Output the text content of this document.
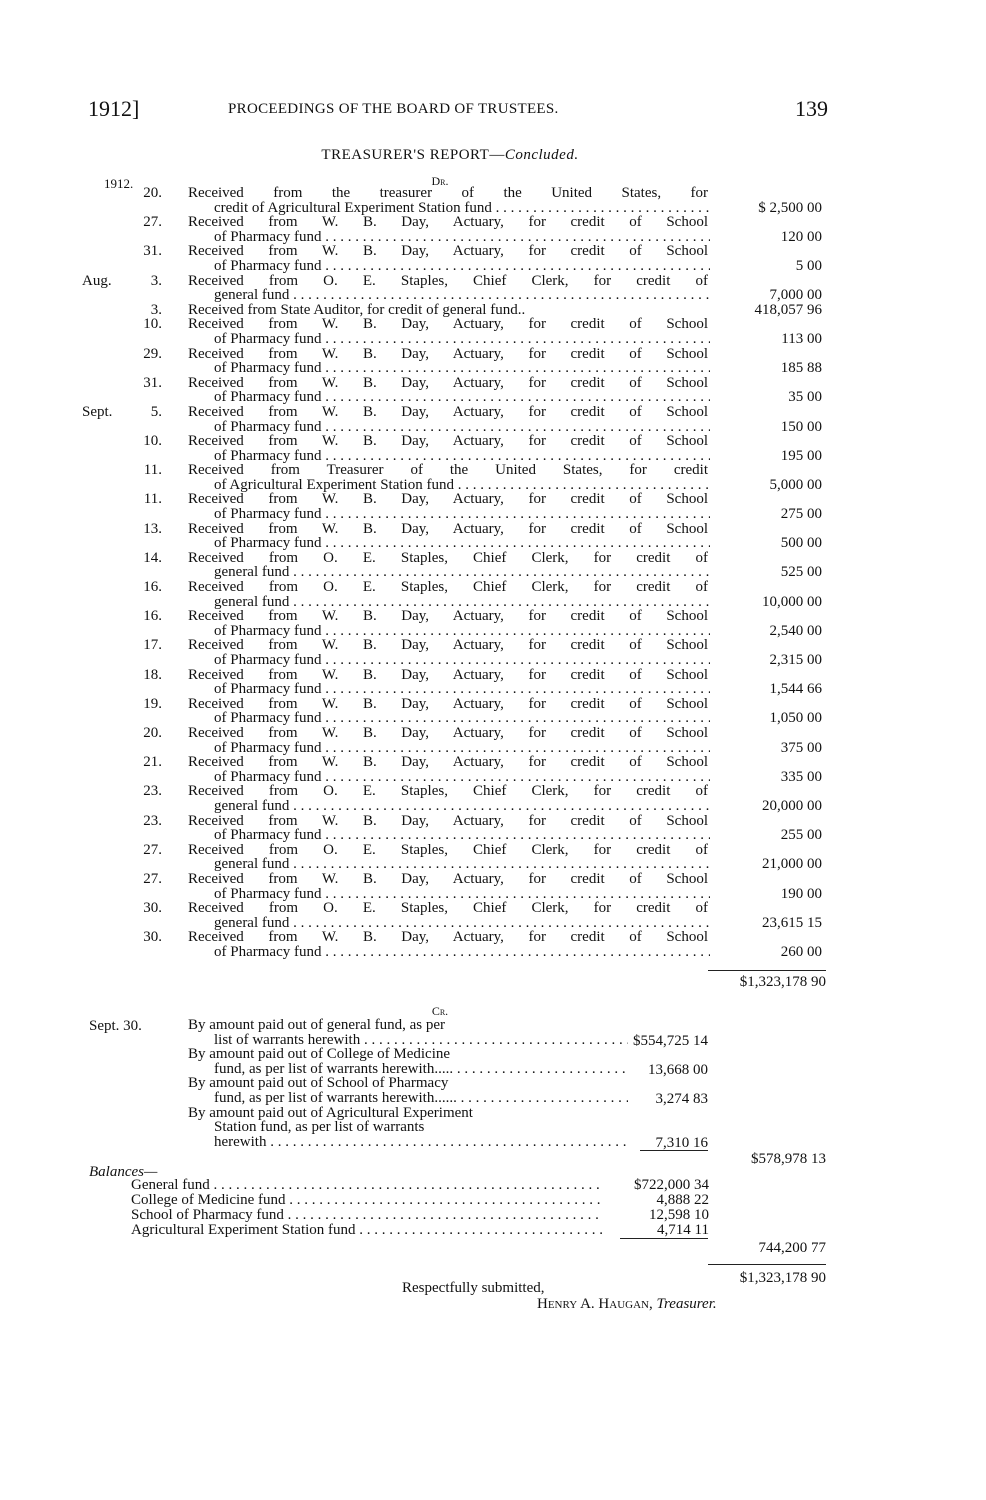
1912]	PROCEEDINGS OF THE BOARD OF TRUSTEES.	139
TREASURER'S REPORT—Concluded.
Dr.
1912.
20. Received from the treasurer of the United States, for
credit of Agricultural Experiment Station fund . . .	$ 2,500 00
27. Received from W. B. Day, Actuary, for credit of School
of Pharmacy fund . . .	120 00
31. Received from W. B. Day, Actuary, for credit of School
of Pharmacy fund . . .	5 00
Aug.	3. Received from O. E. Staples, Chief Clerk, for credit of
general fund . . .	7,000 00
3. Received from State Auditor, for credit of general fund..	418,057 96
10. Received from W. B. Day, Actuary, for credit of School
of Pharmacy fund . . .	113 00
29. Received from W. B. Day, Actuary, for credit of School
of Pharmacy fund . . .	185 88
31. Received from W. B. Day, Actuary, for credit of School
of Pharmacy fund . . .	35 00
Sept.	5. Received from W. B. Day, Actuary, for credit of School
of Pharmacy fund . . .	150 00
10. Received from W. B. Day, Actuary, for credit of School
of Pharmacy fund . . .	195 00
11. Received from Treasurer of the United States, for credit
of Agricultural Experiment Station fund . . .	5,000 00
11. Received from W. B. Day, Actuary, for credit of School
of Pharmacy fund . . .	275 00
13. Received from W. B. Day, Actuary, for credit of School
of Pharmacy fund . . .	500 00
14. Received from O. E. Staples, Chief Clerk, for credit of
general fund . . .	525 00
16. Received from O. E. Staples, Chief Clerk, for credit of
general fund . . .	10,000 00
16. Received from W. B. Day, Actuary, for credit of School
of Pharmacy fund . . .	2,540 00
17. Received from W. B. Day, Actuary, for credit of School
of Pharmacy fund . . .	2,315 00
18. Received from W. B. Day, Actuary, for credit of School
of Pharmacy fund . . .	1,544 66
19. Received from W. B. Day, Actuary, for credit of School
of Pharmacy fund . . .	1,050 00
20. Received from W. B. Day, Actuary, for credit of School
of Pharmacy fund . . .	375 00
21. Received from W. B. Day, Actuary, for credit of School
of Pharmacy fund . . .	335 00
23. Received from O. E. Staples, Chief Clerk, for credit of
general fund . . .	20,000 00
23. Received from W. B. Day, Actuary, for credit of School
of Pharmacy fund . . .	255 00
27. Received from O. E. Staples, Chief Clerk, for credit of
general fund . . .	21,000 00
27. Received from W. B. Day, Actuary, for credit of School
of Pharmacy fund . . .	190 00
30. Received from O. E. Staples, Chief Clerk, for credit of
general fund . . .	23,615 15
30. Received from W. B. Day, Actuary, for credit of School
of Pharmacy fund . . .	260 00
$1,323,178 90
Cr.
Sept. 30.	By amount paid out of general fund, as per
list of warrants herewith . . .	$554,725 14
By amount paid out of College of Medicine
fund, as per list of warrants herewith..... . . .	13,668 00
By amount paid out of School of Pharmacy
fund, as per list of warrants herewith...... . . .	3,274 83
By amount paid out of Agricultural Experiment
Station fund, as per list of warrants
herewith . . .	7,310 16
$578,978 13
Balances—
General fund . . .	$722,000 34
College of Medicine fund . . .	4,888 22
School of Pharmacy fund . . .	12,598 10
Agricultural Experiment Station fund . . .	4,714 11
744,200 77
$1,323,178 90
Respectfully submitted,
Henry A. Haugan, Treasurer.
